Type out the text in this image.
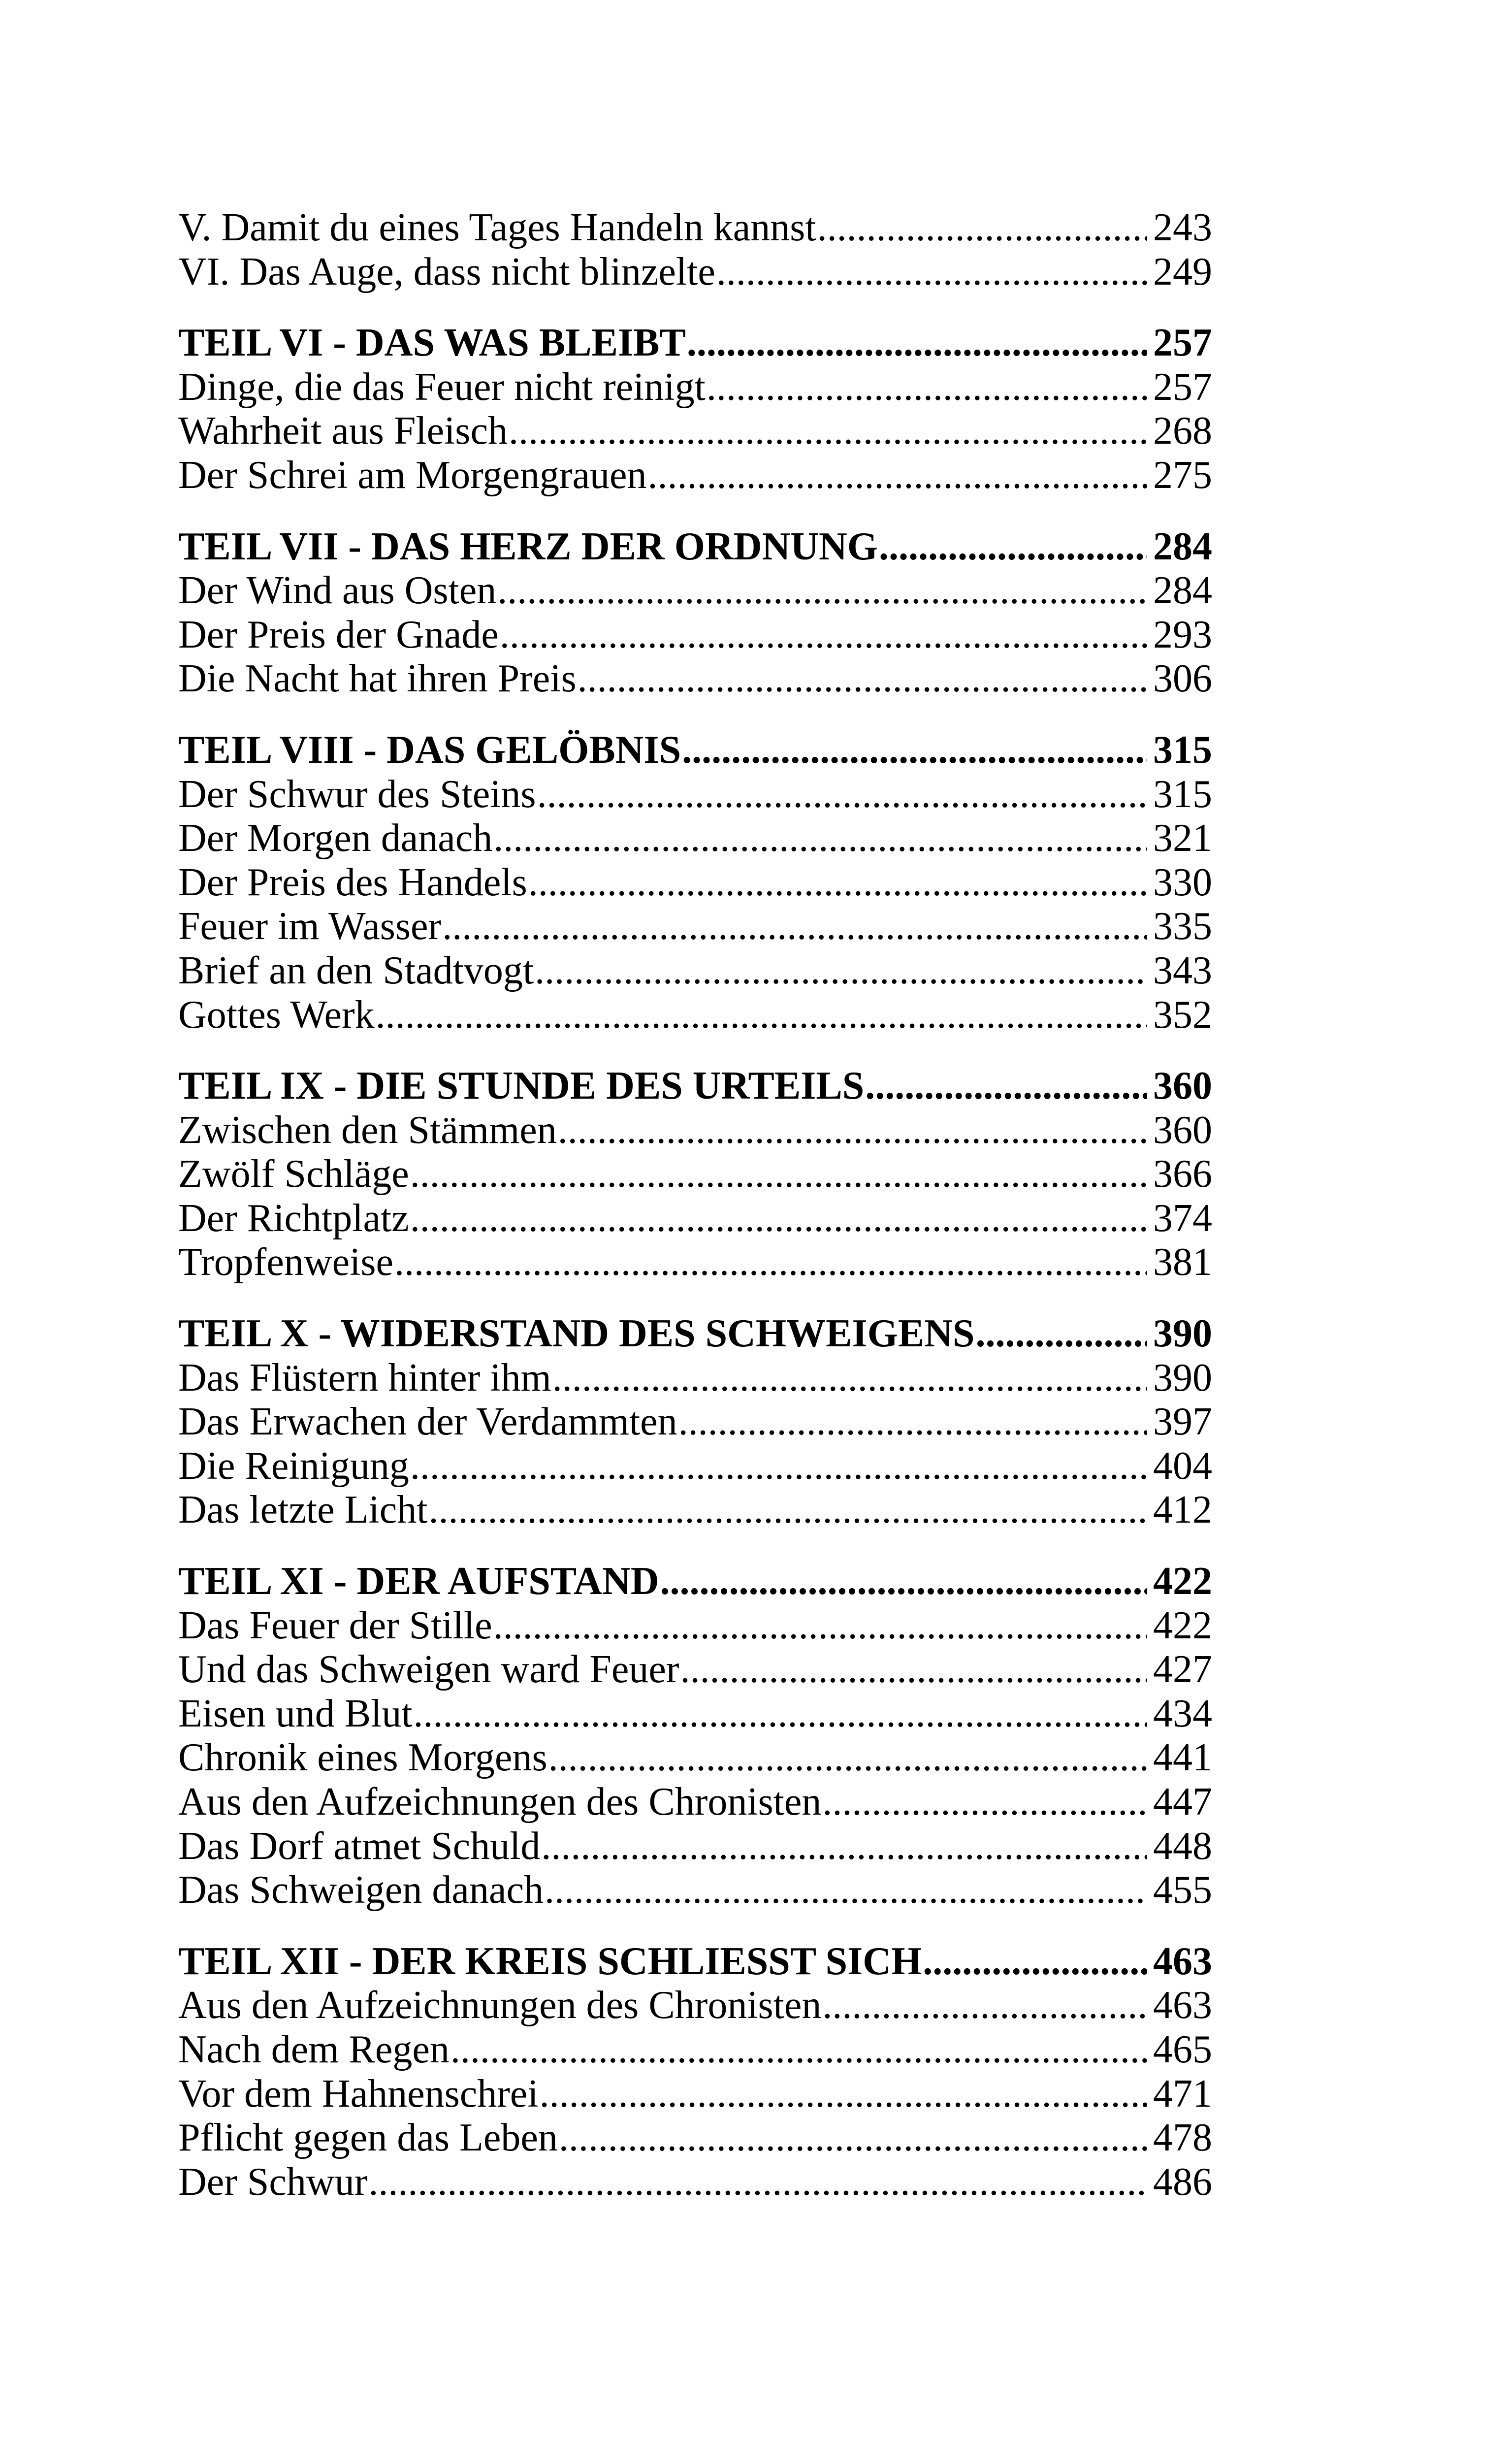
V. Damit du eines Tages Handeln kannst .....	243
VI. Das Auge, dass nicht blinzelte .....	249
TEIL VI - DAS WAS BLEIBT .....	257
Dinge, die das Feuer nicht reinigt .....	257
Wahrheit aus Fleisch .....	268
Der Schrei am Morgengrauen .....	275
TEIL VII - DAS HERZ DER ORDNUNG .....	284
Der Wind aus Osten .....	284
Der Preis der Gnade .....	293
Die Nacht hat ihren Preis .....	306
TEIL VIII - DAS GELÖBNIS .....	315
Der Schwur des Steins .....	315
Der Morgen danach .....	321
Der Preis des Handels .....	330
Feuer im Wasser .....	335
Brief an den Stadtvogt .....	343
Gottes Werk .....	352
TEIL IX - DIE STUNDE DES URTEILS .....	360
Zwischen den Stämmen .....	360
Zwölf Schläge .....	366
Der Richtplatz .....	374
Tropfenweise .....	381
TEIL X - WIDERSTAND DES SCHWEIGENS .....	390
Das Flüstern hinter ihm .....	390
Das Erwachen der Verdammten .....	397
Die Reinigung .....	404
Das letzte Licht .....	412
TEIL XI - DER AUFSTAND .....	422
Das Feuer der Stille .....	422
Und das Schweigen ward Feuer .....	427
Eisen und Blut .....	434
Chronik eines Morgens .....	441
Aus den Aufzeichnungen des Chronisten .....	447
Das Dorf atmet Schuld .....	448
Das Schweigen danach .....	455
TEIL XII - DER KREIS SCHLIESST SICH .....	463
Aus den Aufzeichnungen des Chronisten .....	463
Nach dem Regen .....	465
Vor dem Hahnenschrei .....	471
Pflicht gegen das Leben .....	478
Der Schwur .....	486
